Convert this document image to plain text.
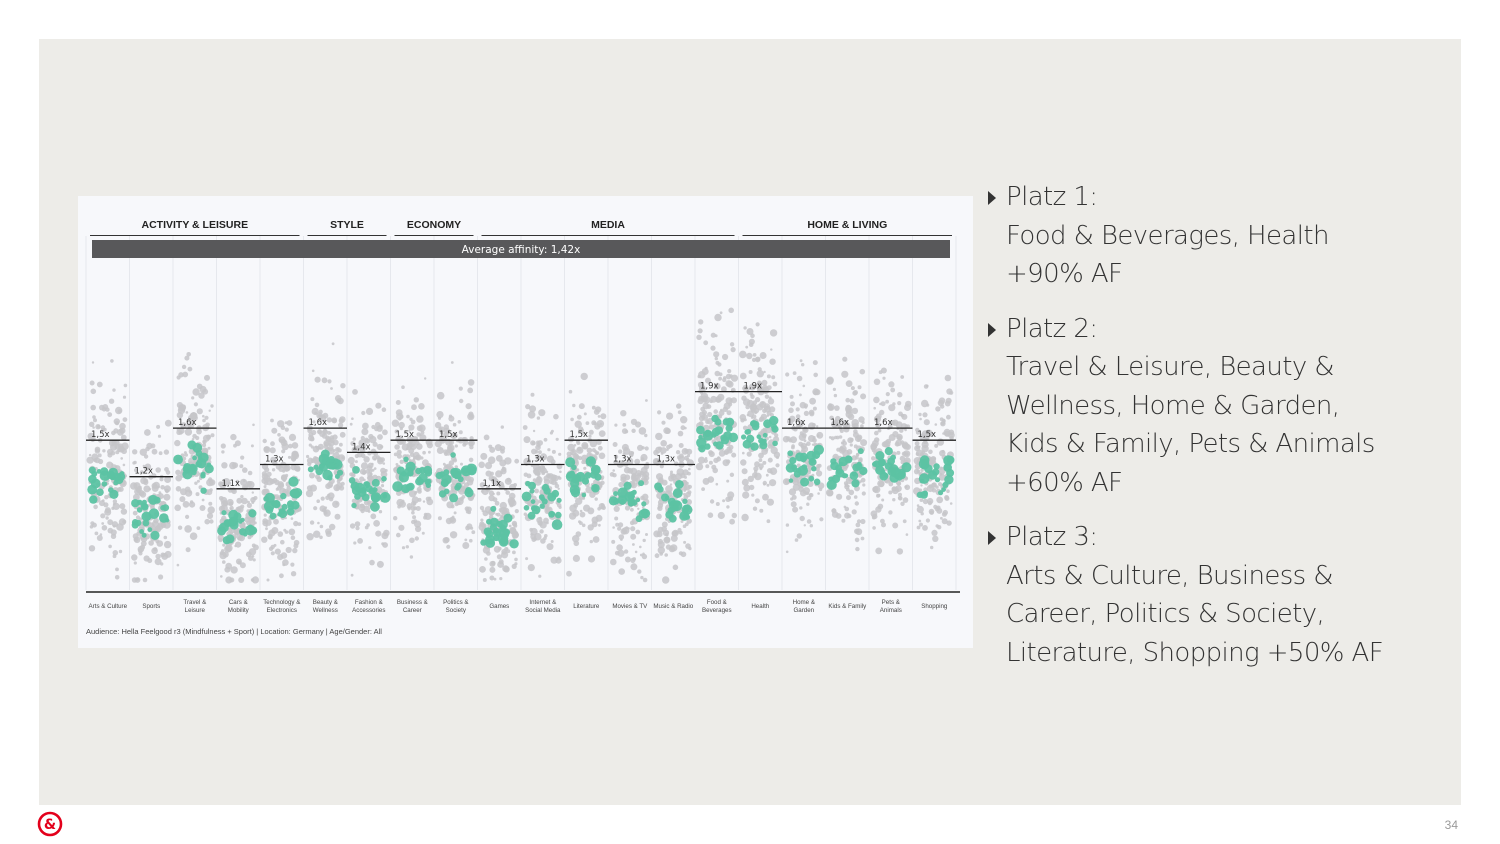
ACTIVITY & LEISURE	STYLE	ECONOMY	MEDIA	HOME & LIVING
Average affinity: 1,42x
1,5x
1,2x
1,6x
1,1x
1,3x
1,6x
1,4x
1,5x	1,5x
1,1x
1,3x
1,5x
1,3x	1,3x
1,9x	1,9x
1,6x	1,6x	1,6x
1,5x
Arts & Culture Sports
Travel & Leisure
Cars & Mobility
Technology & Electronics
Beauty & Wellness
Fashion & Accessories
Business & Career
Politics & Society
Games
Internet & Social Media
Literature Movies & TV Music & Radio
Food & Beverages
Health
Home & Garden
Kids & Family
Pets & Animals
Shopping
Audience: Hella Feelgood r3 (Mindfulness + Sport) | Location: Germany | Age/Gender: All
Platz 1:
Food & Beverages, Health
+90% AF
Platz 2:
Travel & Leisure, Beauty &
Wellness, Home & Garden,
Kids & Family, Pets & Animals
+60% AF
Platz 3:
Arts & Culture, Business &
Career, Politics & Society,
Literature, Shopping +50% AF
&	34
